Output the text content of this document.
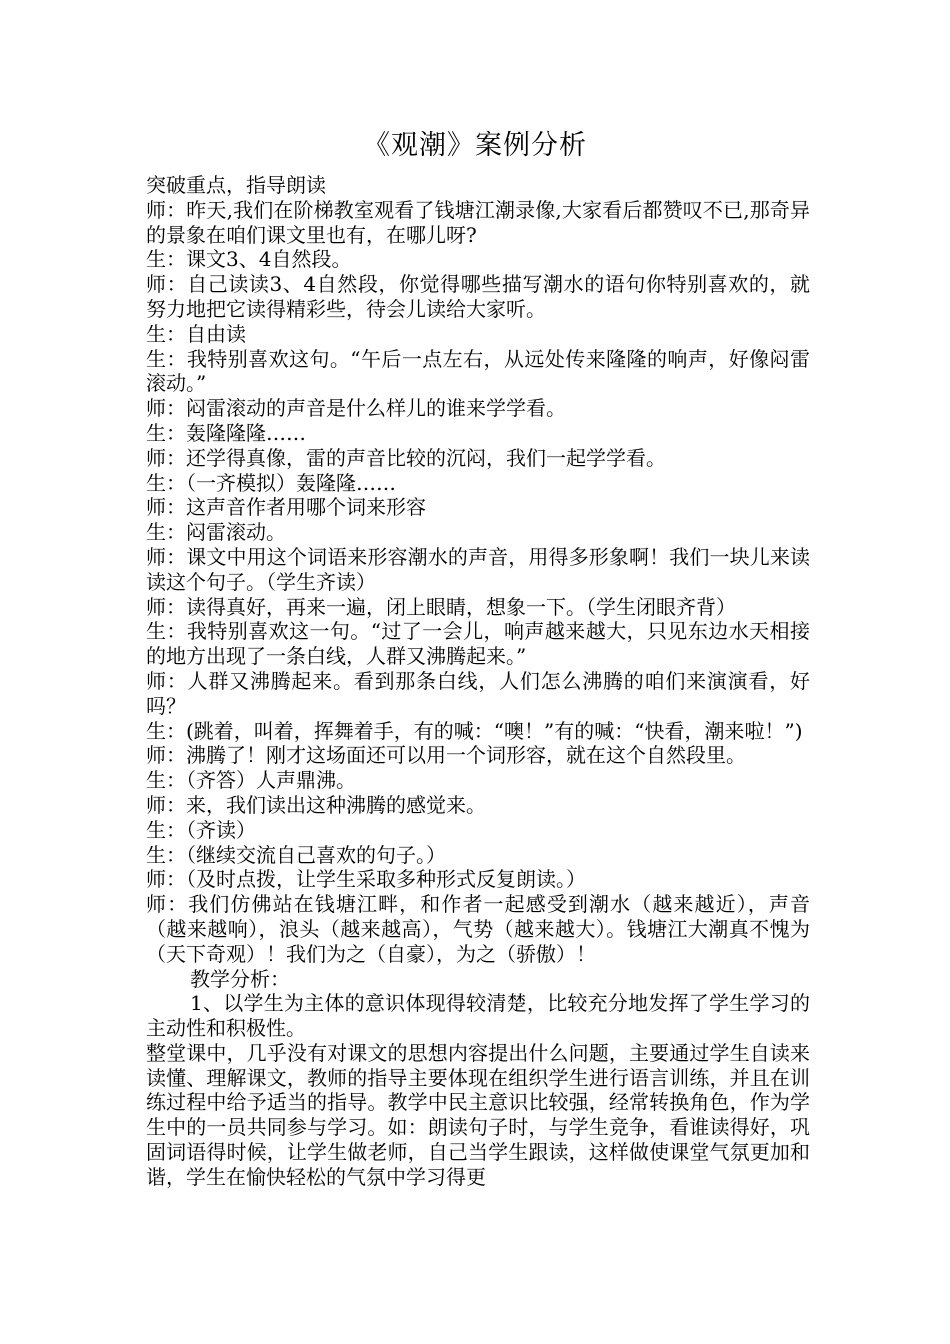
《观潮》案例分析

突破重点，指导朗读

师：昨天,我们在阶梯教室观看了钱塘江潮录像,大家看后都赞叹不已,那奇异的景象在咱们课文里也有，在哪儿呀?

生：课文3、4自然段。

师：自己读读3、4自然段，你觉得哪些描写潮水的语句你特别喜欢的，就努力地把它读得精彩些，待会儿读给大家听。

生：自由读

生：我特别喜欢这句。“午后一点左右，从远处传来隆隆的响声，好像闷雷滚动。”

师：闷雷滚动的声音是什么样儿的谁来学学看。

生：轰隆隆隆……

师：还学得真像，雷的声音比较的沉闷，我们一起学学看。

生：（一齐模拟）轰隆隆……

师：这声音作者用哪个词来形容

生：闷雷滚动。

师：课文中用这个词语来形容潮水的声音，用得多形象啊！我们一块儿来读读这个句子。（学生齐读）

师：读得真好，再来一遍，闭上眼睛，想象一下。（学生闭眼齐背）

生：我特别喜欢这一句。“过了一会儿，响声越来越大，只见东边水天相接的地方出现了一条白线，人群又沸腾起来。”

师：人群又沸腾起来。看到那条白线，人们怎么沸腾的咱们来演演看，好吗？

生：(跳着，叫着，挥舞着手，有的喊：“噢！”有的喊：“快看，潮来啦！”)

师：沸腾了！刚才这场面还可以用一个词形容，就在这个自然段里。

生：（齐答）人声鼎沸。

师：来，我们读出这种沸腾的感觉来。

生：（齐读）

生：（继续交流自己喜欢的句子。）

师：（及时点拨，让学生采取多种形式反复朗读。）

师：我们仿佛站在钱塘江畔，和作者一起感受到潮水（越来越近），声音（越来越响），浪头（越来越高），气势（越来越大）。钱塘江大潮真不愧为（天下奇观）！我们为之（自豪），为之（骄傲）！

教学分析：

1、以学生为主体的意识体现得较清楚，比较充分地发挥了学生学习的主动性和积极性。

整堂课中，几乎没有对课文的思想内容提出什么问题，主要通过学生自读来读懂、理解课文，教师的指导主要体现在组织学生进行语言训练，并且在训练过程中给予适当的指导。教学中民主意识比较强，经常转换角色，作为学生中的一员共同参与学习。如：朗读句子时，与学生竞争，看谁读得好，巩固词语得时候，让学生做老师，自己当学生跟读，这样做使课堂气氛更加和谐，学生在愉快轻松的气氛中学习得更
